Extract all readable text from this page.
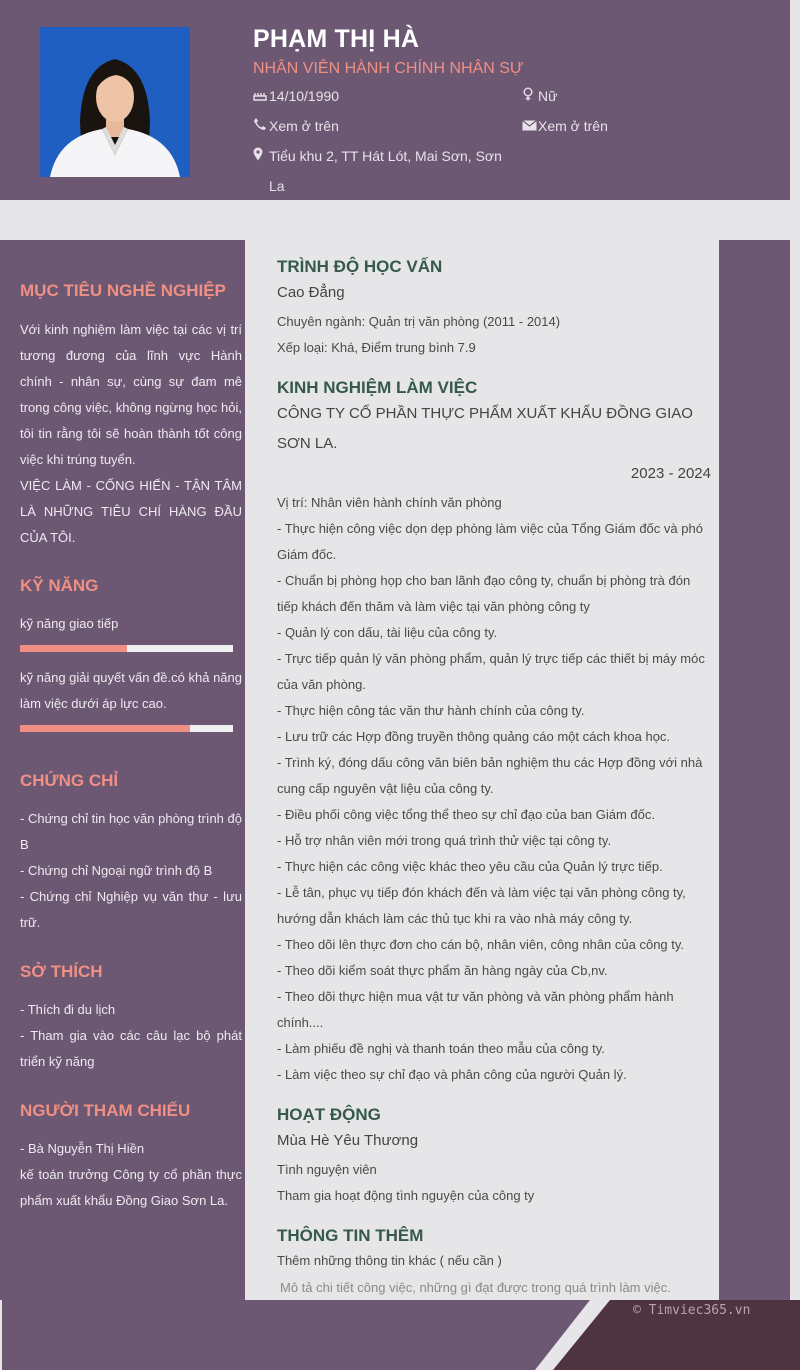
PHẠM THỊ HÀ
NHÂN VIÊN HÀNH CHÍNH NHÂN SỰ
14/10/1990	Nữ
Xem ở trên	Xem ở trên
Tiểu khu 2, TT Hát Lót, Mai Sơn, Sơn La
MỤC TIÊU NGHỀ NGHIỆP
Với kinh nghiệm làm việc tại các vị trí tương đương của lĩnh vực Hành chính - nhân sự, cùng sự đam mê trong công việc, không ngừng học hỏi, tôi tin rằng tôi sẽ hoàn thành tốt công việc khi trúng tuyển.
VIỆC LÀM - CỐNG HIẾN - TẬN TÂM LÀ NHỮNG TIÊU CHÍ HÀNG ĐẦU CỦA TÔI.
KỸ NĂNG
kỹ năng giao tiếp
kỹ năng giải quyết vấn đề.có khả năng làm việc dưới áp lực cao.
CHỨNG CHỈ
- Chứng chỉ tin học văn phòng trình độ B
- Chứng chỉ Ngoại ngữ trình độ B
- Chứng chỉ Nghiệp vụ văn thư - lưu trữ.
SỞ THÍCH
- Thích đi du lịch
- Tham gia vào các câu lạc bộ phát triển kỹ năng
NGƯỜI THAM CHIẾU
- Bà Nguyễn Thị Hiền
kế toán trưởng Công ty cổ phần thực phẩm xuất khẩu Đồng Giao Sơn La.
TRÌNH ĐỘ HỌC VẤN
Cao Đẳng
Chuyên ngành: Quản trị văn phòng (2011 - 2014)
Xếp loại: Khá, Điểm trung bình 7.9
KINH NGHIỆM LÀM VIỆC
CÔNG TY CỔ PHẦN THỰC PHẨM XUẤT KHẨU ĐỒNG GIAO SƠN LA.
2023 - 2024
Vị trí: Nhân viên hành chính văn phòng
- Thực hiện công việc dọn dẹp phòng làm việc của Tổng Giám đốc và phó Giám đốc.
- Chuẩn bị phòng họp cho ban lãnh đạo công ty, chuẩn bị phòng trà đón tiếp khách đến thăm và làm việc tại văn phòng công ty
- Quản lý con dấu, tài liệu của công ty.
- Trực tiếp quản lý văn phòng phẩm, quản lý trực tiếp các thiết bị máy móc của văn phòng.
- Thực hiện công tác văn thư hành chính của công ty.
- Lưu trữ các Hợp đồng truyền thông quảng cáo một cách khoa học.
- Trình ký, đóng dấu công văn biên bản nghiệm thu các Hợp đồng với nhà cung cấp nguyên vật liệu của công ty.
- Điều phối công việc tổng thể theo sự chỉ đạo của ban Giám đốc.
- Hỗ trợ nhân viên mới trong quá trình thử việc tại công ty.
- Thực hiện các công việc khác theo yêu cầu của Quản lý trực tiếp.
- Lễ tân, phục vụ tiếp đón khách đến và làm việc tại văn phòng công ty, hướng dẫn khách làm các thủ tục khi ra vào nhà máy công ty.
- Theo dõi lên thực đơn cho cán bộ, nhân viên, công nhân của công ty.
- Theo dõi kiểm soát thực phẩm ăn hàng ngày của Cb,nv.
- Theo dõi thực hiện mua vật tư văn phòng và văn phòng phẩm hành chính....
- Làm phiếu đề nghị và thanh toán theo mẫu của công ty.
- Làm việc theo sự chỉ đạo và phân công của người Quản lý.
HOẠT ĐỘNG
Mùa Hè Yêu Thương
Tình nguyện viên
Tham gia hoạt động tình nguyện của công ty
THÔNG TIN THÊM
Thêm những thông tin khác ( nếu cần )
Mô tả chi tiết công việc, những gì đạt được trong quá trình làm việc.
© Timviec365.vn
